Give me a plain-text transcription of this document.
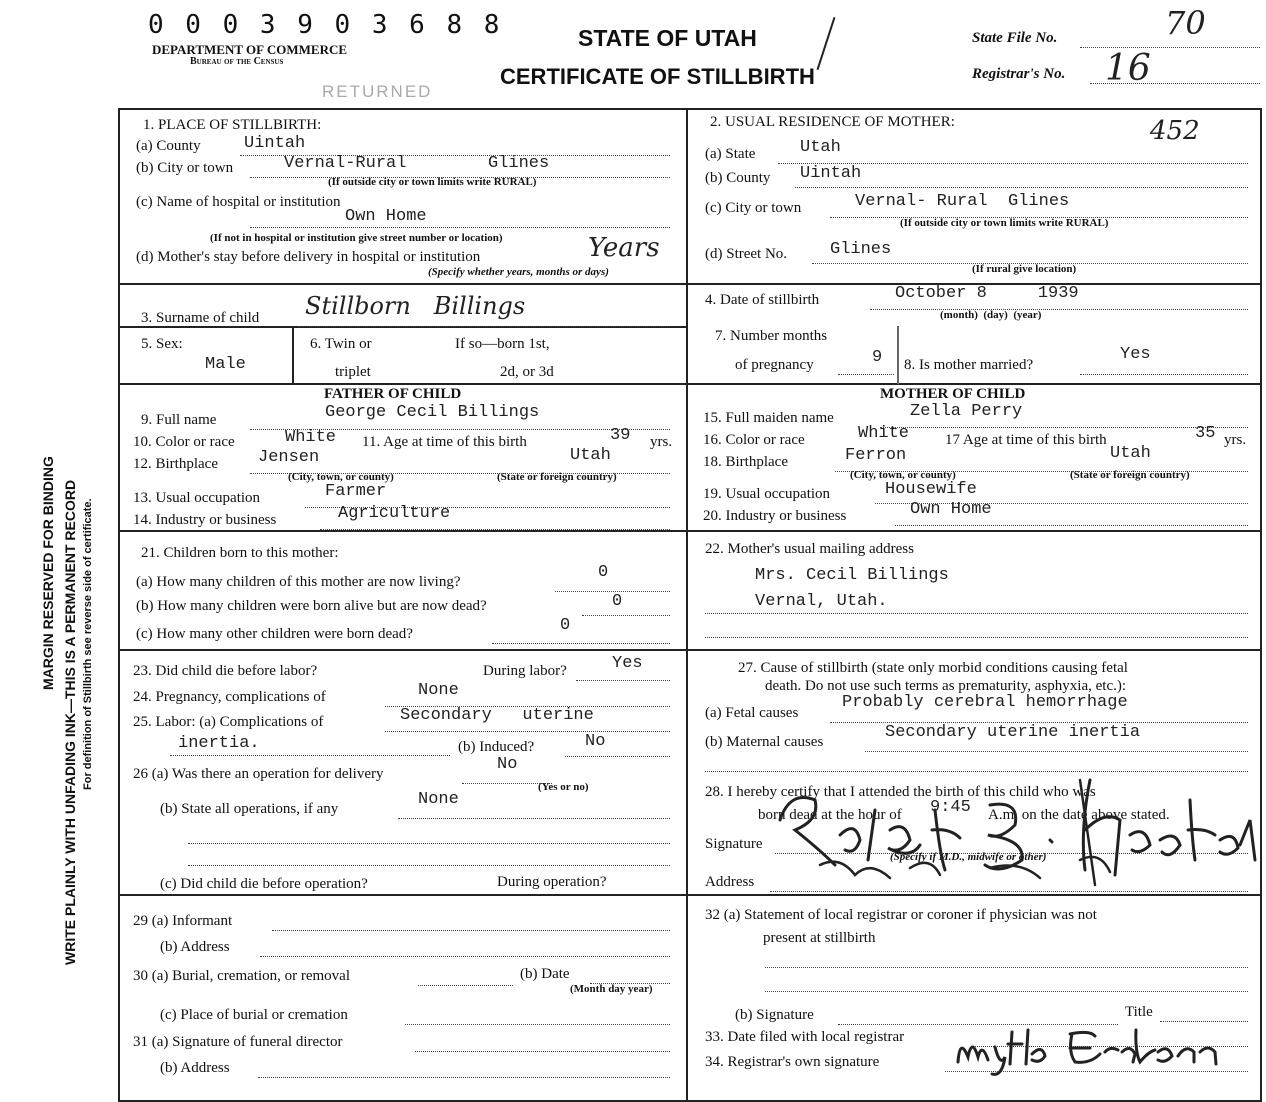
0 0 0 3 9 0 3 6 8 8
DEPARTMENT OF COMMERCE
Bureau of the Census
RETURNED
STATE OF UTAH
CERTIFICATE OF STILLBIRTH
State File No.	70
Registrar's No. 16
MARGIN RESERVED FOR BINDING WRITE PLAINLY WITH UNFADING INK—THIS IS A PERMANENT RECORD For definition of Stillbirth see reverse side of certificate.
1. PLACE OF STILLBIRTH:
(a) County	Uintah
(b) City or town	Vernal-Rural	Glines
(If outside city or town limits write RURAL)
(c) Name of hospital or institution
Own Home
(If not in hospital or institution give street number or location)
(d) Mother's stay before delivery in hospital or institution	Years
(Specify whether years, months or days)
2. USUAL RESIDENCE OF MOTHER:	452
(a) State	Utah
(b) County Uintah
(c) City or town	Vernal- Rural  Glines
(If outside city or town limits write RURAL)
(d) Street No.	Glines
(If rural give location)
3. Surname of child Stillborn   Billings	4. Date of stillbirth	October 8     1939
(month)  (day)  (year)
5. Sex:
Male
6. Twin or
triplet
If so—born 1st,
2d, or 3d
7. Number months
of pregnancy	9 8. Is mother married?
Yes
FATHER OF CHILD
9. Full name	George Cecil Billings
10. Color or race	White 11. Age at time of this birth	39 yrs.
12. Birthplace Jensen	Utah
(City, town, or county)	(State or foreign country)
13. Usual occupation	Farmer
14. Industry or business	Agriculture
MOTHER OF CHILD
15. Full maiden name	Zella Perry
16. Color or race	White 17 Age at time of this birth	35 yrs.
18. Birthplace	Ferron	Utah
(City, town, or county)	(State or foreign country)
19. Usual occupation	Housewife
20. Industry or business	Own Home
21. Children born to this mother:
(a) How many children of this mother are now living?	0
(b) How many children were born alive but are now dead?	0
(c) How many other children were born dead?	0
22. Mother's usual mailing address
Mrs. Cecil Billings
Vernal, Utah.
23. Did child die before labor?	During labor?	Yes
24. Pregnancy, complications of	None
25. Labor: (a) Complications of	Secondary   uterine
inertia.	(b) Induced?	No
26 (a) Was there an operation for delivery	No
(Yes or no)
(b) State all operations, if any	None
(c) Did child die before operation?	During operation?
27. Cause of stillbirth (state only morbid conditions causing fetal
death. Do not use such terms as prematurity, asphyxia, etc.):
(a) Fetal causes
Probably cerebral hemorrhage
(b) Maternal causes	Secondary uterine inertia
28. I hereby certify that I attended the birth of this child who was
born dead at the hour of 9:45 A.m. on the date above stated.
Signature
(Specify if M.D., midwife or other)
Address
29 (a) Informant
(b) Address
30 (a) Burial, cremation, or removal	(b) Date
(Month day year)
(c) Place of burial or cremation
31 (a) Signature of funeral director
(b) Address
32 (a) Statement of local registrar or coroner if physician was not
present at stillbirth
(b) Signature	Title
33. Date filed with local registrar
34. Registrar's own signature
